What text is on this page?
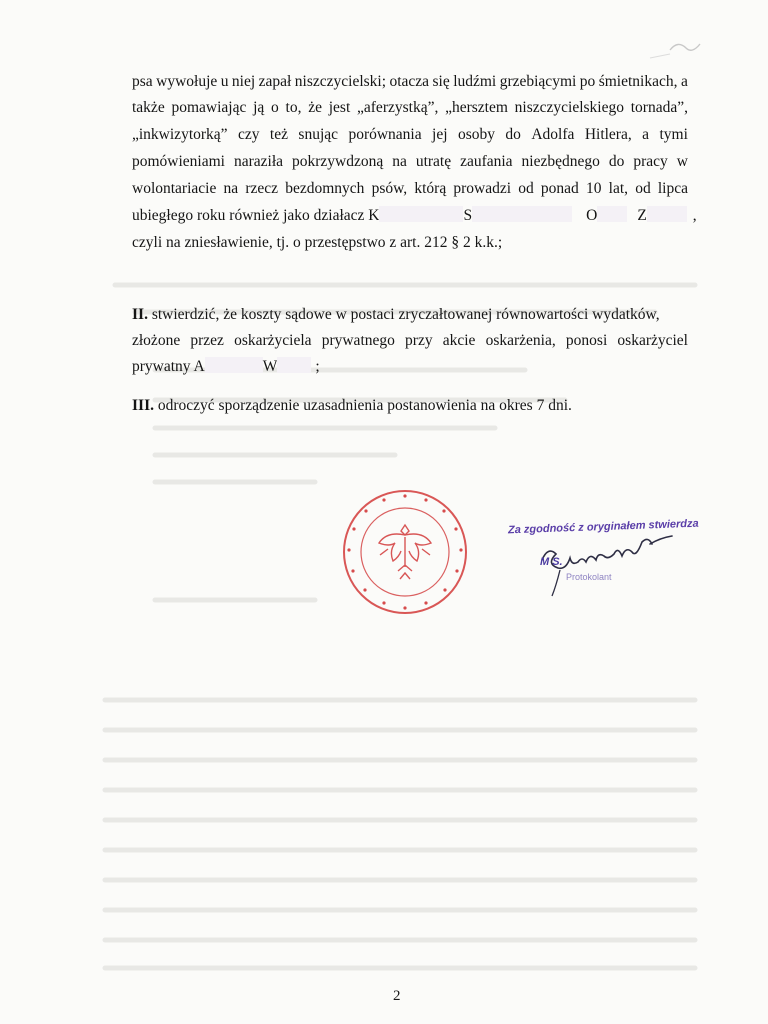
psa wywołuje u niej zapał niszczycielski; otacza się ludźmi grzebiącymi po śmietnikach, a
także pomawiając ją o to, że jest „aferzystką”, „hersztem niszczycielskiego tornada”,
„inkwizytorką” czy też snując porównania jej osoby do Adolfa Hitlera, a tymi
pomówieniami naraziła pokrzywdzoną na utratę zaufania niezbędnego do pracy w
wolontariacie na rzecz bezdomnych psów, którą prowadzi od ponad 10 lat, od lipca
ubiegłego roku również jako działacz K	S	O	Z	,
czyli na zniesławienie, tj. o przestępstwo z art. 212 § 2 k.k.;
II. stwierdzić, że koszty sądowe w postaci zryczałtowanej równowartości wydatków,
złożone przez oskarżyciela prywatnego przy akcie oskarżenia, ponosi oskarżyciel
prywatny A	W ;
III. odroczyć sporządzenie uzasadnienia postanowienia na okres 7 dni.
Za zgodność z oryginałem stwierdza
M S.
Protokolant
2
